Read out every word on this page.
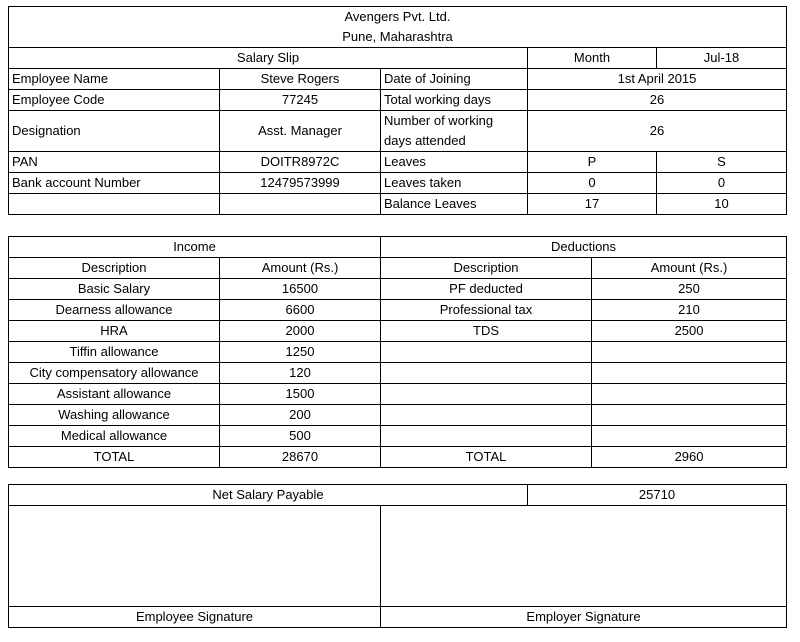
Avengers Pvt. Ltd.
Pune, Maharashtra				

Salary Slip			Month	Jul-18
Employee Name	Steve Rogers	Date of Joining	1st April 2015	
Employee Code	77245	Total working days	26	
Designation	Asst. Manager	Number of working days attended	26	
PAN	DOITR8972C	Leaves	P	S
Bank account Number	12479573999	Leaves taken	0	0
		Balance Leaves	17	10
Income		Deductions	
Description	Amount (Rs.)	Description	Amount (Rs.)
Basic Salary	16500	PF deducted	250
Dearness allowance	6600	Professional tax	210
HRA	2000	TDS	2500
Tiffin allowance	1250		
City compensatory allowance	120		
Assistant allowance	1500		
Washing allowance	200		
Medical allowance	500		
TOTAL	28670	TOTAL	2960
Net Salary Payable		25710

Employee Signature	Employer Signature	
